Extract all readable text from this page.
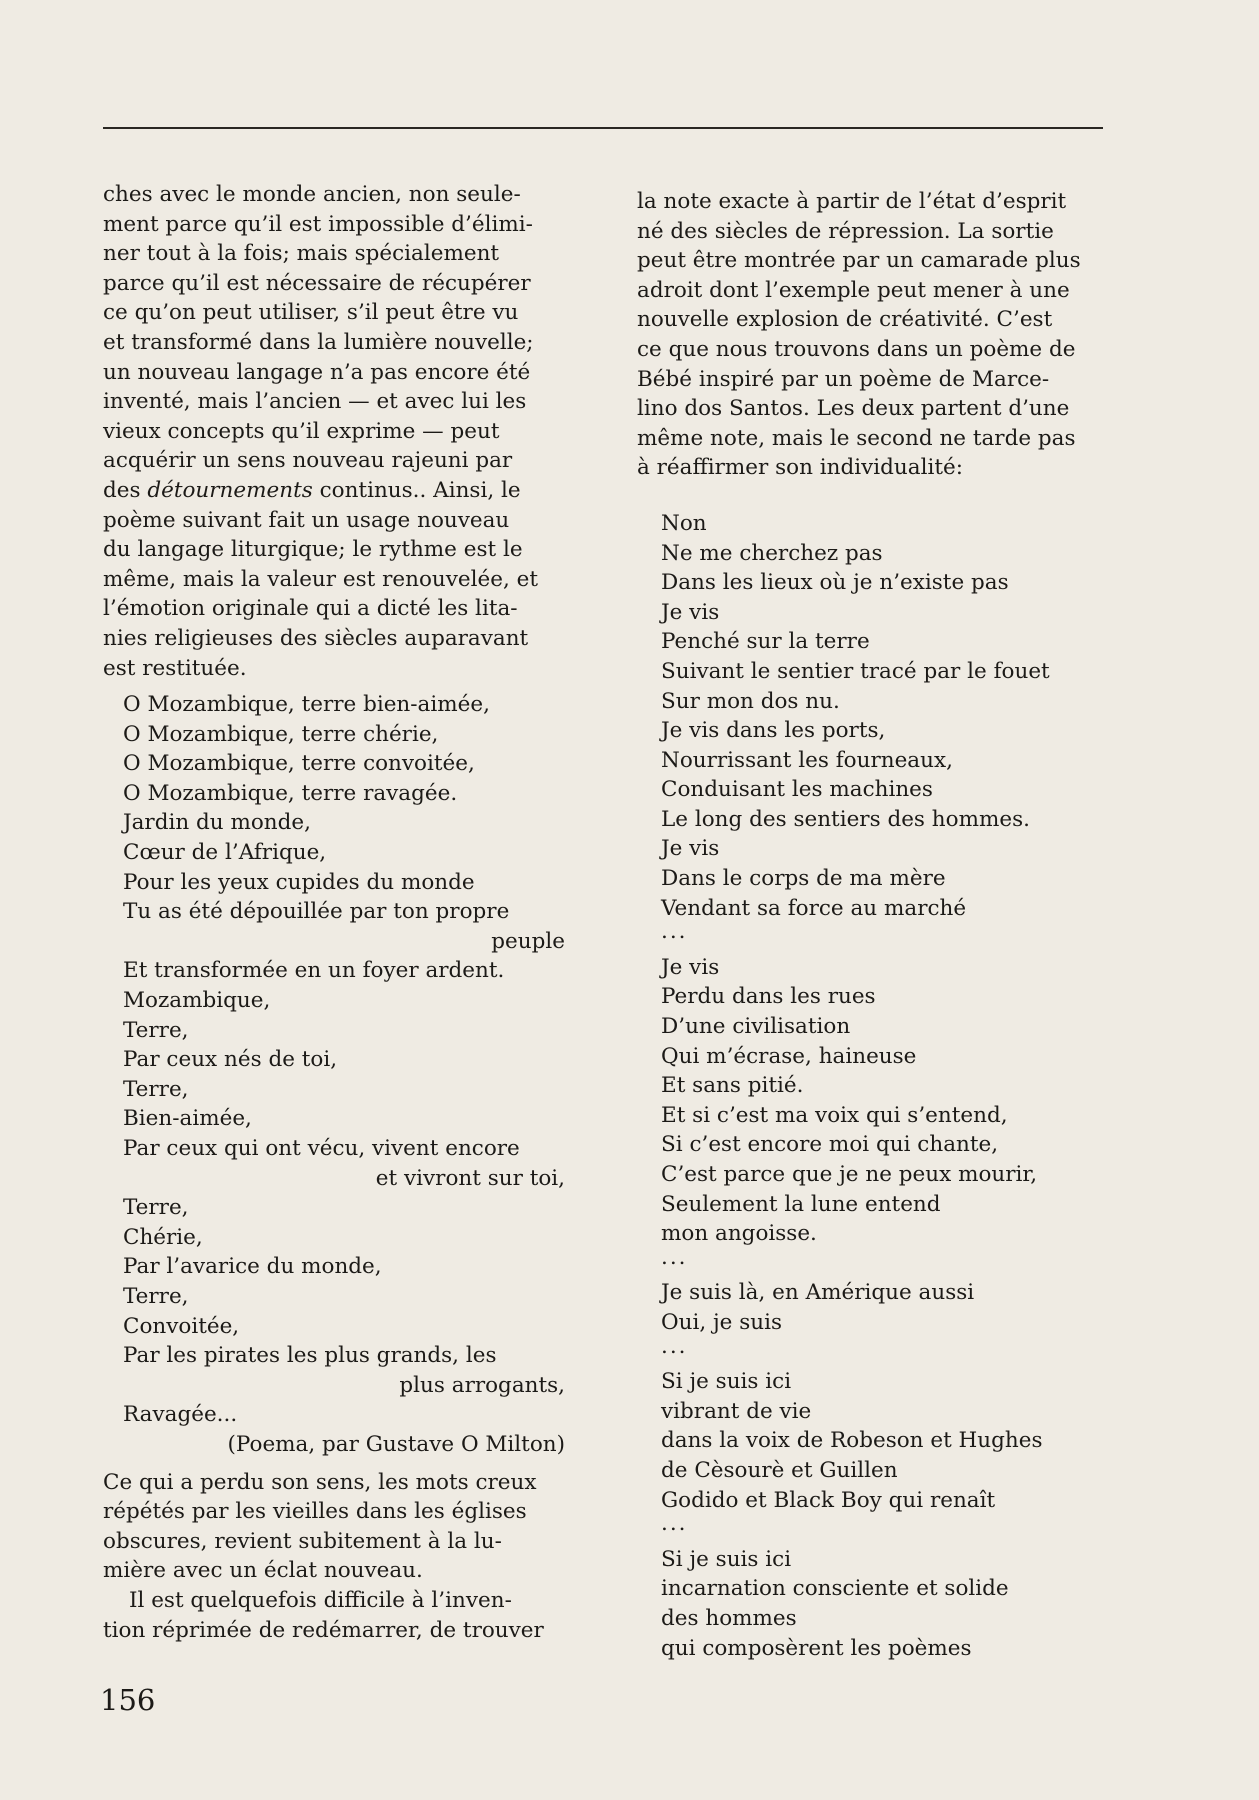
ches avec le monde ancien, non seule-
ment parce qu’il est impossible d’élimi-
ner tout à la fois; mais spécialement
parce qu’il est nécessaire de récupérer
ce qu’on peut utiliser, s’il peut être vu
et transformé dans la lumière nouvelle;
un nouveau langage n’a pas encore été
inventé, mais l’ancien — et avec lui les
vieux concepts qu’il exprime — peut
acquérir un sens nouveau rajeuni par
des détournements continus.. Ainsi, le
poème suivant fait un usage nouveau
du langage liturgique; le rythme est le
même, mais la valeur est renouvelée, et
l’émotion originale qui a dicté les lita-
nies religieuses des siècles auparavant
est restituée.

O Mozambique, terre bien-aimée,
O Mozambique, terre chérie,
O Mozambique, terre convoitée,
O Mozambique, terre ravagée.
Jardin du monde,
Cœur de l’Afrique,
Pour les yeux cupides du monde
Tu as été dépouillée par ton propre
peuple
Et transformée en un foyer ardent.
Mozambique,
Terre,
Par ceux nés de toi,
Terre,
Bien-aimée,
Par ceux qui ont vécu, vivent encore
et vivront sur toi,
Terre,
Chérie,
Par l’avarice du monde,
Terre,
Convoitée,
Par les pirates les plus grands, les
plus arrogants,
Ravagée...
(Poema, par Gustave O Milton)

Ce qui a perdu son sens, les mots creux
répétés par les vieilles dans les églises
obscures, revient subitement à la lu-
mière avec un éclat nouveau.

Il est quelquefois difficile à l’inven-
tion réprimée de redémarrer, de trouver

la note exacte à partir de l’état d’esprit
né des siècles de répression. La sortie
peut être montrée par un camarade plus
adroit dont l’exemple peut mener à une
nouvelle explosion de créativité. C’est
ce que nous trouvons dans un poème de
Bébé inspiré par un poème de Marce-
lino dos Santos. Les deux partent d’une
même note, mais le second ne tarde pas
à réaffirmer son individualité:

Non
Ne me cherchez pas
Dans les lieux où je n’existe pas
Je vis
Penché sur la terre
Suivant le sentier tracé par le fouet
Sur mon dos nu.
Je vis dans les ports,
Nourrissant les fourneaux,
Conduisant les machines
Le long des sentiers des hommes.
Je vis
Dans le corps de ma mère
Vendant sa force au marché
...
Je vis
Perdu dans les rues
D’une civilisation
Qui m’écrase, haineuse
Et sans pitié.
Et si c’est ma voix qui s’entend,
Si c’est encore moi qui chante,
C’est parce que je ne peux mourir,
Seulement la lune entend
mon angoisse.
...
Je suis là, en Amérique aussi
Oui, je suis
...
Si je suis ici
vibrant de vie
dans la voix de Robeson et Hughes
de Cèsourè et Guillen
Godido et Black Boy qui renaît
...
Si je suis ici
incarnation consciente et solide
des hommes
qui composèrent les poèmes
156
